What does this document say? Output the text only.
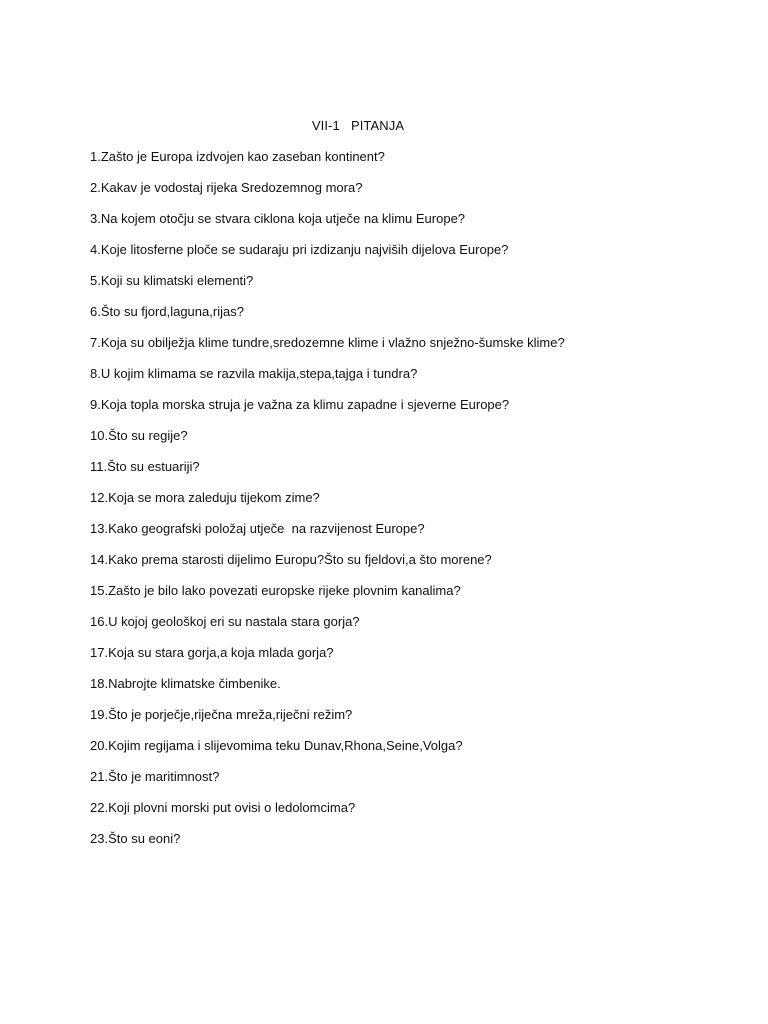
VII-1   PITANJA
1.Zašto je Europa izdvojen kao zaseban kontinent?
2.Kakav je vodostaj rijeka Sredozemnog mora?
3.Na kojem otočju se stvara ciklona koja utječe na klimu Europe?
4.Koje litosferne ploče se sudaraju pri izdizanju najviših dijelova Europe?
5.Koji su klimatski elementi?
6.Što su fjord,laguna,rijas?
7.Koja su obilježja klime tundre,sredozemne klime i vlažno snježno-šumske klime?
8.U kojim klimama se razvila makija,stepa,tajga i tundra?
9.Koja topla morska struja je važna za klimu zapadne i sjeverne Europe?
10.Što su regije?
11.Što su estuariji?
12.Koja se mora zaleduju tijekom zime?
13.Kako geografski položaj utječe  na razvijenost Europe?
14.Kako prema starosti dijelimo Europu?Što su fjeldovi,a što morene?
15.Zašto je bilo lako povezati europske rijeke plovnim kanalima?
16.U kojoj geološkoj eri su nastala stara gorja?
17.Koja su stara gorja,a koja mlada gorja?
18.Nabrojte klimatske čimbenike.
19.Što je porječje,riječna mreža,riječni režim?
20.Kojim regijama i slijevomima teku Dunav,Rhona,Seine,Volga?
21.Što je maritimnost?
22.Koji plovni morski put ovisi o ledolomcima?
23.Što su eoni?
